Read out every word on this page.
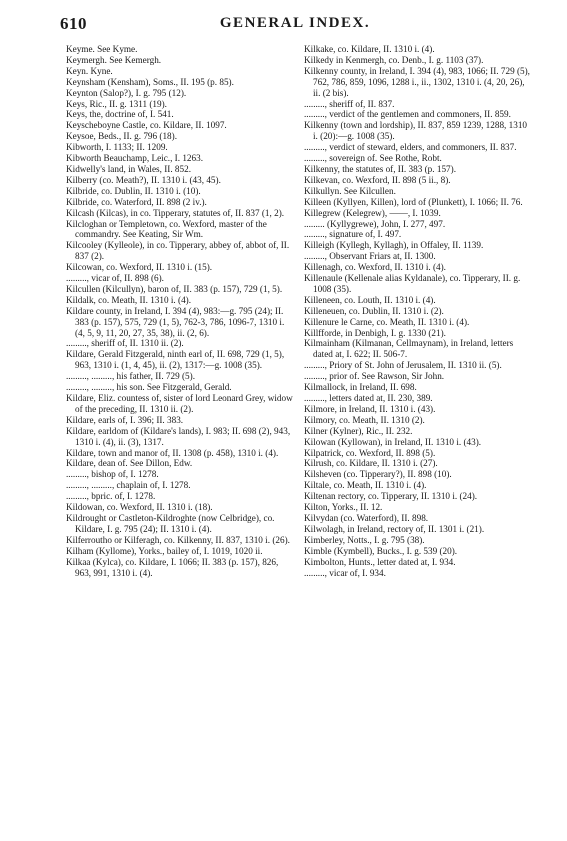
610	GENERAL INDEX.

Keyme. See Kyme.

Keymergh. See Kemergh.

Keyn. Kyne.

Keynsham (Kensham), Soms., II. 195 (p. 85).

Keynton (Salop?), I. g. 795 (12).

Keys, Ric., II. g. 1311 (19).

Keys, the, doctrine of, I. 541.

Keyscheboyne Castle, co. Kildare, II. 1097.

Keysoe, Beds., II. g. 796 (18).

Kibworth, I. 1133; II. 1209.

Kibworth Beauchamp, Leic., I. 1263.

Kidwelly's land, in Wales, II. 852.

Kilberry (co. Meath?), II. 1310 i. (43, 45).

Kilbride, co. Dublin, II. 1310 i. (10).

Kilbride, co. Waterford, II. 898 (2 iv.).

Kilcash (Kilcas), in co. Tipperary, statutes of, II. 837 (1, 2).

Kilcloghan or Templetown, co. Wexford, master of the commandry. See Keating, Sir Wm.

Kilcooley (Kylleole), in co. Tipperary, abbey of, abbot of, II. 837 (2).

Kilcowan, co. Wexford, II. 1310 i. (15).

........., vicar of, II. 898 (6).

Kilcullen (Kilcullyn), baron of, II. 383 (p. 157), 729 (1, 5).

Kildalk, co. Meath, II. 1310 i. (4).

Kildare county, in Ireland, I. 394 (4), 983:—g. 795 (24); II. 383 (p. 157), 575, 729 (1, 5), 762-3, 786, 1096-7, 1310 i. (4, 5, 9, 11, 20, 27, 35, 38), ii. (2, 6).

........., sheriff of, II. 1310 ii. (2).

Kildare, Gerald Fitzgerald, ninth earl of, II. 698, 729 (1, 5), 963, 1310 i. (1, 4, 45), ii. (2), 1317:—g. 1008 (35).

........., ........., his father, II. 729 (5).

........., ........., his son. See Fitzgerald, Gerald.

Kildare, Eliz. countess of, sister of lord Leonard Grey, widow of the preceding, II. 1310 ii. (2).

Kildare, earls of, I. 396; II. 383.

Kildare, earldom of (Kildare's lands), I. 983; II. 698 (2), 943, 1310 i. (4), ii. (3), 1317.

Kildare, town and manor of, II. 1308 (p. 458), 1310 i. (4).

Kildare, dean of. See Dillon, Edw.

........., bishop of, I. 1278.

........., ........., chaplain of, I. 1278.

........., bpric. of, I. 1278.

Kildowan, co. Wexford, II. 1310 i. (18).

Kildrought or Castleton-Kildroghte (now Celbridge), co. Kildare, I. g. 795 (24); II. 1310 i. (4).

Kilferroutho or Kilferagh, co. Kilkenny, II. 837, 1310 i. (26).

Kilham (Kyllome), Yorks., bailey of, I. 1019, 1020 ii.

Kilkaa (Kylca), co. Kildare, I. 1066; II. 383 (p. 157), 826, 963, 991, 1310 i. (4).

Kilkake, co. Kildare, II. 1310 i. (4).

Kilkedy in Kenmergh, co. Denb., I. g. 1103 (37).

Kilkenny county, in Ireland, I. 394 (4), 983, 1066; II. 729 (5), 762, 786, 859, 1096, 1288 i., ii., 1302, 1310 i. (4, 20, 26), ii. (2 bis).

........., sheriff of, II. 837.

........., verdict of the gentlemen and commoners, II. 859.

Kilkenny (town and lordship), II. 837, 859 1239, 1288, 1310 i. (20):—g. 1008 (35).

........., verdict of steward, elders, and commoners, II. 837.

........., sovereign of. See Rothe, Robt.

Kilkenny, the statutes of, II. 383 (p. 157).

Kilkevan, co. Wexford, II. 898 (5 ii., 8).

Kilkullyn. See Kilcullen.

Killeen (Kyllyen, Killen), lord of (Plunkett), I. 1066; II. 76.

Killegrew (Kelegrew), ——, I. 1039.

......... (Kyllygrewe), John, I. 277, 497.

........., signature of, I. 497.

Killeigh (Kyllegh, Kyllagh), in Offaley, II. 1139.

........., Observant Friars at, II. 1300.

Killenagh, co. Wexford, II. 1310 i. (4).

Killenaule (Kellenale alias Kyldanale), co. Tipperary, II. g. 1008 (35).

Killeneen, co. Louth, II. 1310 i. (4).

Killeneuen, co. Dublin, II. 1310 i. (2).

Killenure le Carne, co. Meath, II. 1310 i. (4).

Killfforde, in Denbigh, I. g. 1330 (21).

Kilmainham (Kilmanan, Cellmaynam), in Ireland, letters dated at, I. 622; II. 506-7.

........., Priory of St. John of Jerusalem, II. 1310 ii. (5).

........., prior of. See Rawson, Sir John.

Kilmallock, in Ireland, II. 698.

........., letters dated at, II. 230, 389.

Kilmore, in Ireland, II. 1310 i. (43).

Kilmory, co. Meath, II. 1310 (2).

Kilner (Kylner), Ric., II. 232.

Kilowan (Kyllowan), in Ireland, II. 1310 i. (43).

Kilpatrick, co. Wexford, II. 898 (5).

Kilrush, co. Kildare, II. 1310 i. (27).

Kilsheven (co. Tipperary?), II. 898 (10).

Kiltale, co. Meath, II. 1310 i. (4).

Kiltenan rectory, co. Tipperary, II. 1310 i. (24).

Kilton, Yorks., II. 12.

Kilvydan (co. Waterford), II. 898.

Kilwolagh, in Ireland, rectory of, II. 1301 i. (21).

Kimberley, Notts., I. g. 795 (38).

Kimble (Kymbell), Bucks., I. g. 539 (20).

Kimbolton, Hunts., letter dated at, I. 934.

........., vicar of, I. 934.
